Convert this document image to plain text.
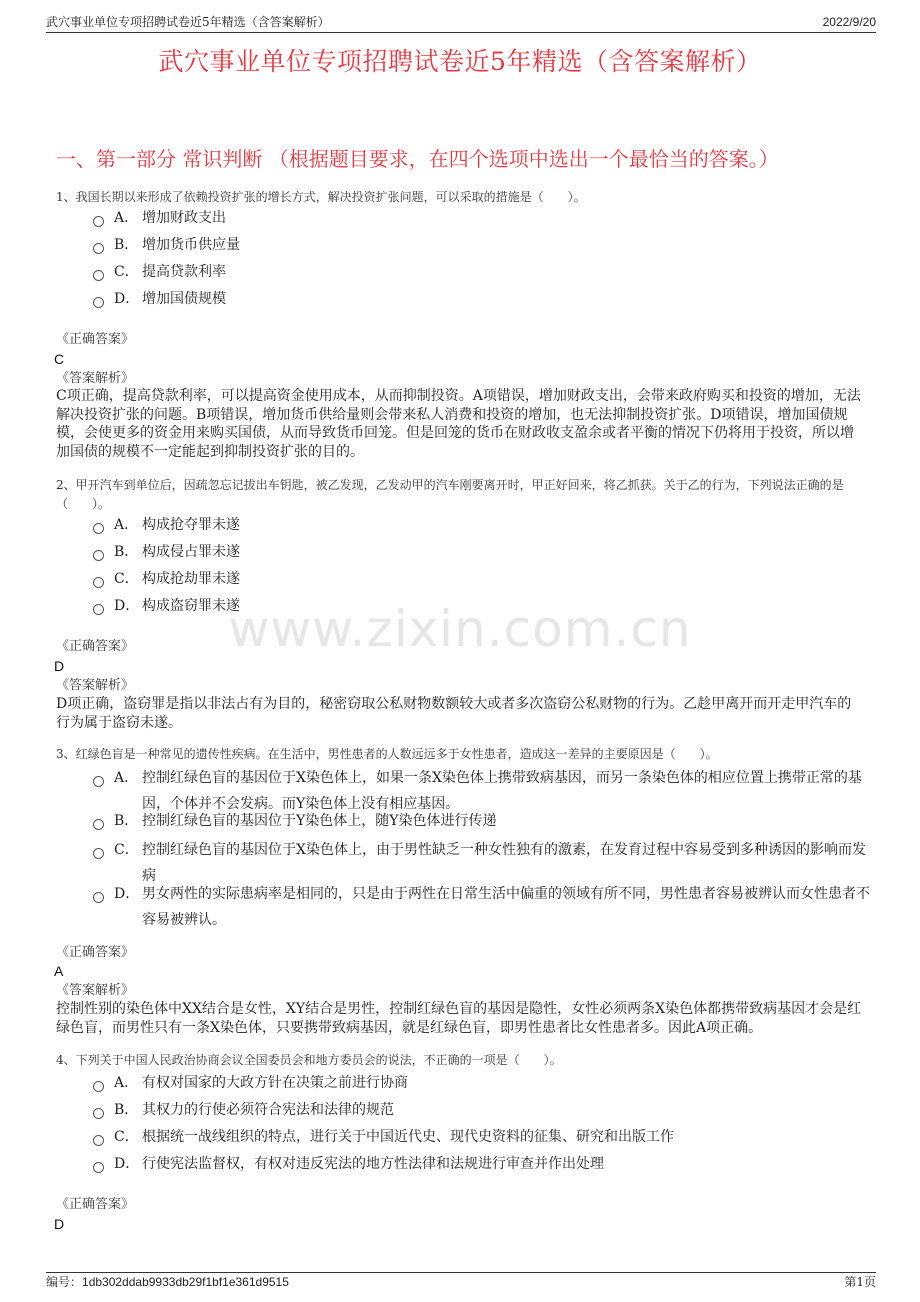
武穴事业单位专项招聘试卷近5年精选（含答案解析）	2022/9/20
武穴事业单位专项招聘试卷近5年精选（含答案解析）
一、第一部分 常识判断 （根据题目要求，在四个选项中选出一个最恰当的答案。）
www.zixin.com.cn
1、我国长期以来形成了依赖投资扩张的增长方式，解决投资扩张问题，可以采取的措施是（　　）。
A． 增加财政支出
B． 增加货币供应量
C． 提高贷款利率
D． 增加国债规模
《正确答案》
C
《答案解析》
C项正确，提高贷款利率，可以提高资金使用成本，从而抑制投资。A项错误，增加财政支出，会带来政府购买和投资的增加，无法解决投资扩张的问题。B项错误，增加货币供给量则会带来私人消费和投资的增加，也无法抑制投资扩张。D项错误，增加国债规模，会使更多的资金用来购买国债，从而导致货币回笼。但是回笼的货币在财政收支盈余或者平衡的情况下仍将用于投资，所以增加国债的规模不一定能起到抑制投资扩张的目的。
2、甲开汽车到单位后，因疏忽忘记拔出车钥匙，被乙发现，乙发动甲的汽车刚要离开时，甲正好回来，将乙抓获。关于乙的行为，下列说法正确的是（　　）。
A． 构成抢夺罪未遂
B． 构成侵占罪未遂
C． 构成抢劫罪未遂
D． 构成盗窃罪未遂
《正确答案》
D
《答案解析》
D项正确，盗窃罪是指以非法占有为目的，秘密窃取公私财物数额较大或者多次盗窃公私财物的行为。乙趁甲离开而开走甲汽车的行为属于盗窃未遂。
3、红绿色盲是一种常见的遗传性疾病。在生活中，男性患者的人数远远多于女性患者，造成这一差异的主要原因是（　　）。
A． 控制红绿色盲的基因位于X染色体上，如果一条X染色体上携带致病基因，而另一条染色体的相应位置上携带正常的基因，个体并不会发病。而Y染色体上没有相应基因。
B． 控制红绿色盲的基因位于Y染色体上，随Y染色体进行传递
C． 控制红绿色盲的基因位于X染色体上，由于男性缺乏一种女性独有的激素，在发育过程中容易受到多种诱因的影响而发病
D． 男女两性的实际患病率是相同的，只是由于两性在日常生活中偏重的领域有所不同，男性患者容易被辨认而女性患者不容易被辨认。
《正确答案》
A
《答案解析》
控制性别的染色体中XX结合是女性，XY结合是男性，控制红绿色盲的基因是隐性，女性必须两条X染色体都携带致病基因才会是红绿色盲，而男性只有一条X染色体，只要携带致病基因，就是红绿色盲，即男性患者比女性患者多。因此A项正确。
4、下列关于中国人民政治协商会议全国委员会和地方委员会的说法，不正确的一项是（　　）。
A． 有权对国家的大政方针在决策之前进行协商
B． 其权力的行使必须符合宪法和法律的规范
C． 根据统一战线组织的特点，进行关于中国近代史、现代史资料的征集、研究和出版工作
D． 行使宪法监督权，有权对违反宪法的地方性法律和法规进行审查并作出处理
《正确答案》
D
编号：1db302ddab9933db29f1bf1e361d9515	第1页
